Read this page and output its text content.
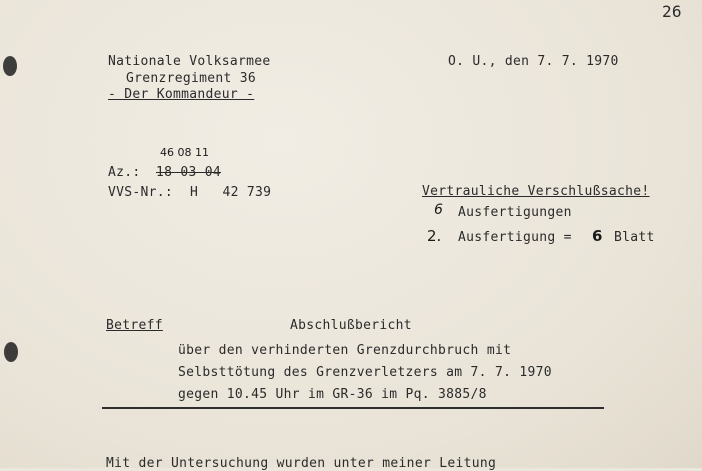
26
Nationale Volksarmee
Grenzregiment 36
- Der Kommandeur -
O. U., den 7. 7. 1970
46 08 11
Az.: 18 03 04
VVS-Nr.: H   42 739	Vertrauliche Verschlußsache!
6 Ausfertigungen
2. Ausfertigung = 6 Blatt
Betreff	Abschlußbericht
über den verhinderten Grenzdurchbruch mit
Selbsttötung des Grenzverletzers am 7. 7. 1970
gegen 10.45 Uhr im GR-36 im Pq. 3885/8
Mit der Untersuchung wurden unter meiner Leitung
